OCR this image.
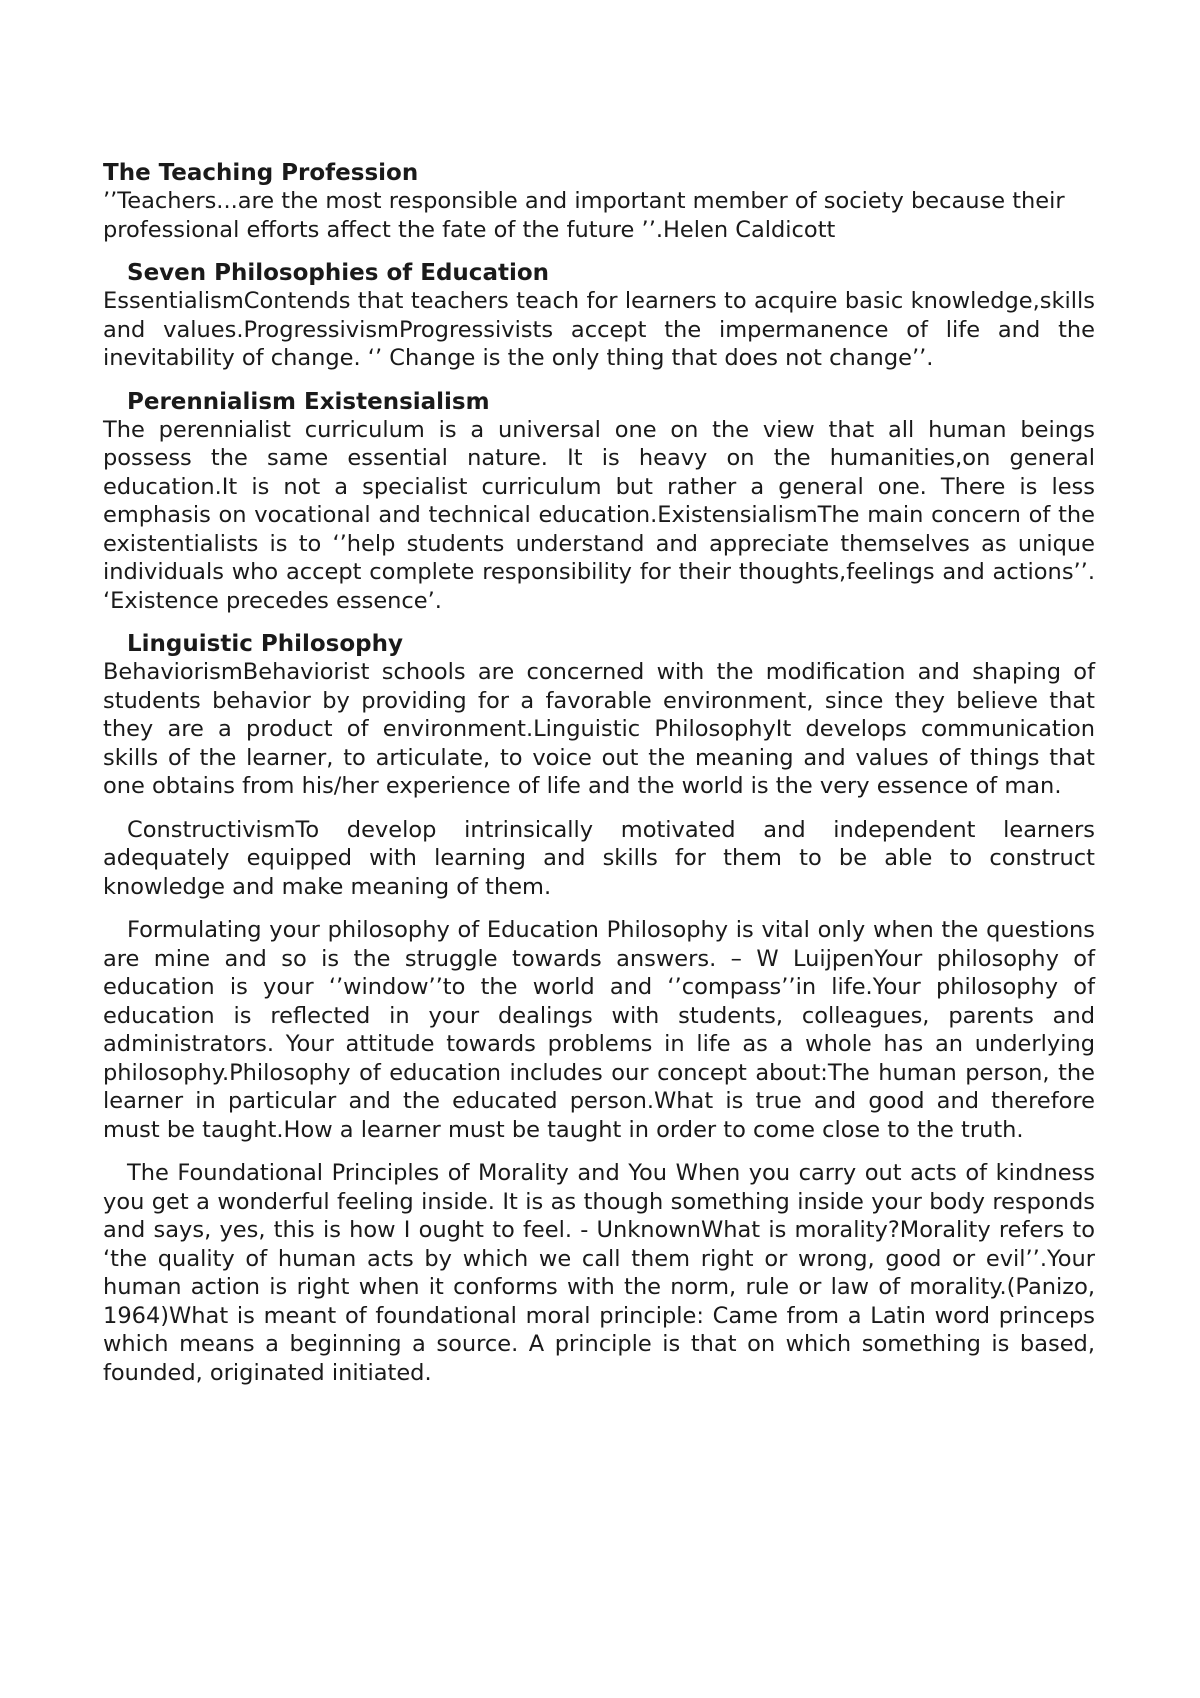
The Teaching Profession

’’Teachers...are the most responsible and important member of society because their professional efforts affect the fate of the future ’’.Helen Caldicott

Seven Philosophies of Education

EssentialismContends that teachers teach for learners to acquire basic knowledge,skills and values.ProgressivismProgressivists accept the impermanence of life and the inevitability of change. ‘’ Change is the only thing that does not change’’.

Perennialism Existensialism

The perennialist curriculum is a universal one on the view that all human beings possess the same essential nature. It is heavy on the humanities,on general education.It is not a specialist curriculum but rather a general one. There is less emphasis on vocational and technical education.ExistensialismThe main concern of the existentialists is to ‘’help students understand and appreciate themselves as unique individuals who accept complete responsibility for their thoughts,feelings and actions’’. ‘Existence precedes essence’.

Linguistic Philosophy

BehaviorismBehaviorist schools are concerned with the modification and shaping of students behavior by providing for a favorable environment, since they believe that they are a product of environment.Linguistic PhilosophyIt develops communication skills of the learner, to articulate, to voice out the meaning and values of things that one obtains from his/her experience of life and the world is the very essence of man.

ConstructivismTo develop intrinsically motivated and independent learners adequately equipped with learning and skills for them to be able to construct knowledge and make meaning of them.

Formulating your philosophy of Education Philosophy is vital only when the questions are mine and so is the struggle towards answers. – W LuijpenYour philosophy of education is your ‘’window’’to the world and ‘’compass’’in life.Your philosophy of education is reflected in your dealings with students, colleagues, parents and administrators. Your attitude towards problems in life as a whole has an underlying philosophy.Philosophy of education includes our concept about:The human person, the learner in particular and the educated person.What is true and good and therefore must be taught.How a learner must be taught in order to come close to the truth.

The Foundational Principles of Morality and You When you carry out acts of kindness you get a wonderful feeling inside. It is as though something inside your body responds and says, yes, this is how I ought to feel. - UnknownWhat is morality?Morality refers to ‘the quality of human acts by which we call them right or wrong, good or evil’’.Your human action is right when it conforms with the norm, rule or law of morality.(Panizo, 1964)What is meant of foundational moral principle: Came from a Latin word princeps which means a beginning a source. A principle is that on which something is based, founded, originated initiated.
